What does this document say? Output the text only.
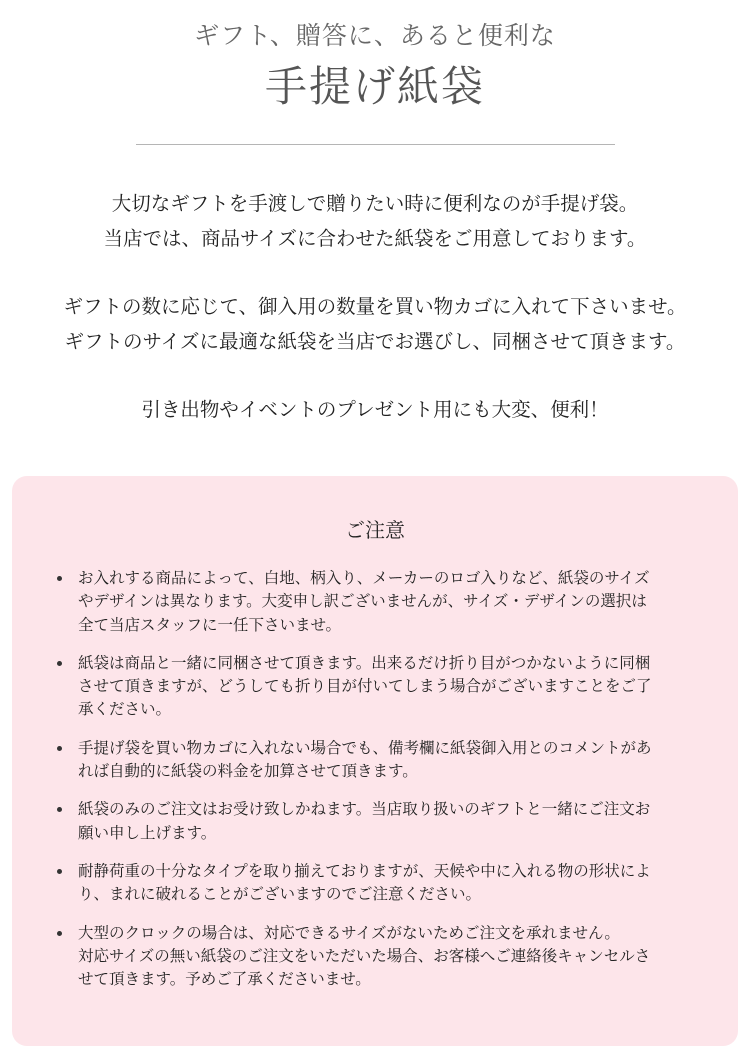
ギフト、贈答に、あると便利な
手提げ紙袋

大切なギフトを手渡しで贈りたい時に便利なのが手提げ袋。
当店では、商品サイズに合わせた紙袋をご用意しております。

ギフトの数に応じて、御入用の数量を買い物カゴに入れて下さいませ。
ギフトのサイズに最適な紙袋を当店でお選びし、同梱させて頂きます。

引き出物やイベントのプレゼント用にも大変、便利！

ご注意
お入れする商品によって、白地、柄入り、メーカーのロゴ入りなど、紙袋のサイズ
やデザインは異なります。大変申し訳ございませんが、サイズ・デザインの選択は
全て当店スタッフに一任下さいませ。
紙袋は商品と一緒に同梱させて頂きます。出来るだけ折り目がつかないように同梱
させて頂きますが、どうしても折り目が付いてしまう場合がございますことをご了
承ください。
手提げ袋を買い物カゴに入れない場合でも、備考欄に紙袋御入用とのコメントがあ
れば自動的に紙袋の料金を加算させて頂きます。
紙袋のみのご注文はお受け致しかねます。当店取り扱いのギフトと一緒にご注文お
願い申し上げます。
耐静荷重の十分なタイプを取り揃えておりますが、天候や中に入れる物の形状によ
り、まれに破れることがございますのでご注意ください。
大型のクロックの場合は、対応できるサイズがないためご注文を承れません。
対応サイズの無い紙袋のご注文をいただいた場合、お客様へご連絡後キャンセルさ
せて頂きます。予めご了承くださいませ。
